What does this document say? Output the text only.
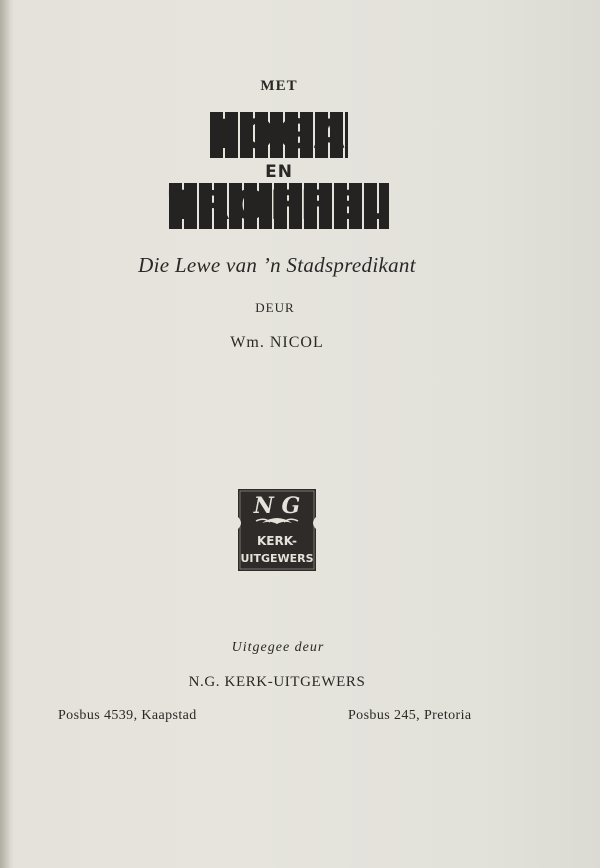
MET
TOGA
EN
TROFFEL
Die Lewe van ’n Stadspredikant
DEUR
Wm. NICOL
N G
KERK-
UITGEWERS
Uitgegee deur
N.G. KERK-UITGEWERS
Posbus 4539, Kaapstad	Posbus 245, Pretoria
